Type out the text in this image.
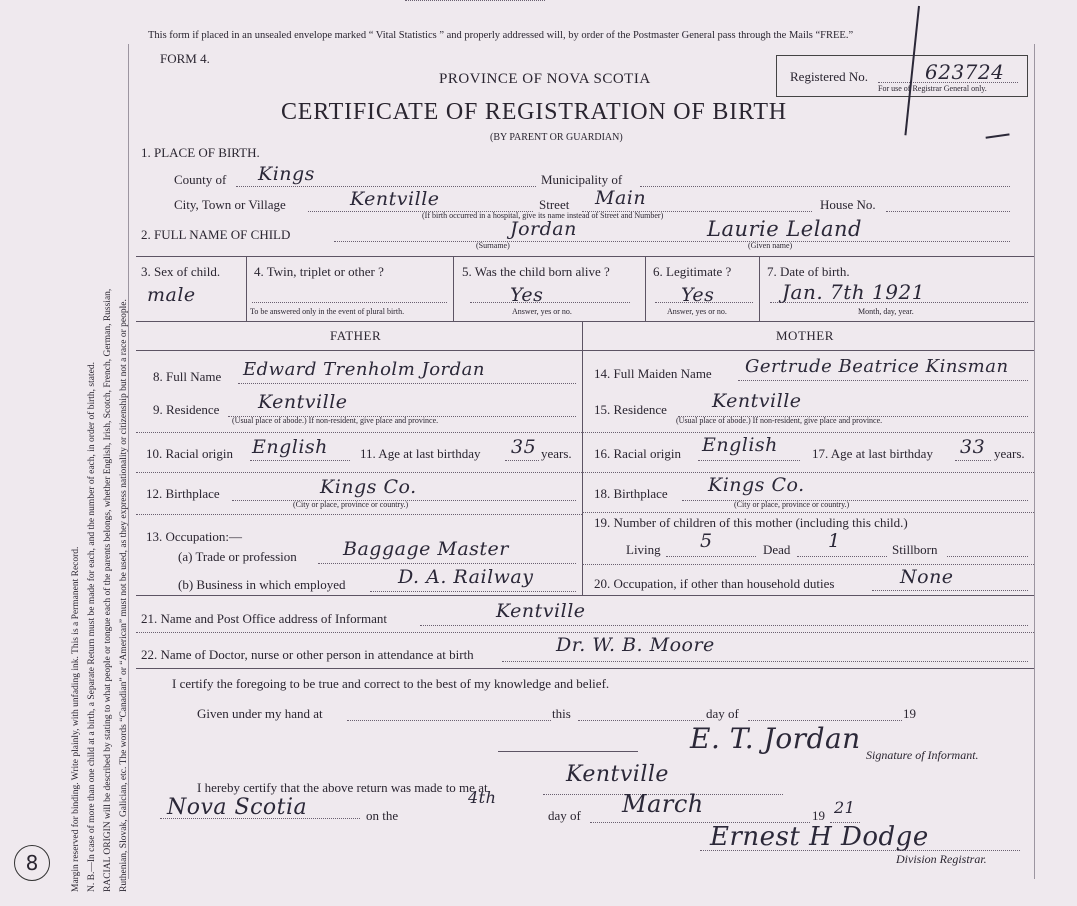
Margin reserved for binding. Write plainly, with unfading ink. This is a Permanent Record. N. B.—In case of more than one child at a birth, a Separate Return must be made for each, and the number of each, in order of birth, stated. RACIAL ORIGIN will be described by stating to what people or tongue each of the parents belongs, whether English, Irish, Scotch, French, German, Russian, Ruthenian, Slovak, Galician, etc. The words “Canadian” or “American” must not be used, as they express nationality or citizenship but not a race or people.
8
This form if placed in an unsealed envelope marked “ Vital Statistics ” and properly addressed will, by order of the Postmaster General pass through the Mails “FREE.”
FORM 4.
PROVINCE OF NOVA SCOTIA
CERTIFICATE OF REGISTRATION OF BIRTH
(BY PARENT OR GUARDIAN)
Registered No.	623724
For use of Registrar General only.
1. PLACE OF BIRTH.
County of Kings	Municipality of
City, Town or Village	Kentville	Street Main	House No.
(If birth occurred in a hospital, give its name instead of Street and Number)
2. FULL NAME OF CHILD	Jordan
(Surname)
Laurie Leland
(Given name)
3. Sex of child.
male
4. Twin, triplet or other ?
To be answered only in the event of plural birth.
5. Was the child born alive ?
Yes
Answer, yes or no.
6. Legitimate ?
Yes
Answer, yes or no.
7. Date of birth.
Jan. 7th 1921
Month, day, year.
FATHER	MOTHER
8. Full Name Edward Trenholm Jordan
9. Residence Kentville
(Usual place of abode.) If non-resident, give place and province.
10. Racial origin English 11. Age at last birthday 35 years.
12. Birthplace	Kings Co.
(City or place, province or country.)
13. Occupation:—
(a) Trade or profession Baggage Master
(b) Business in which employed	D. A. Railway
14. Full Maiden Name Gertrude Beatrice Kinsman
15. Residence Kentville
(Usual place of abode.) If non-resident, give place and province.
16. Racial origin English	17. Age at last birthday 33 years.
18. Birthplace Kings Co.
(City or place, province or country.)
19. Number of children of this mother (including this child.)
Living 5	Dead 1	Stillborn
20. Occupation, if other than household duties	None
21. Name and Post Office address of Informant	Kentville
22. Name of Doctor, nurse or other person in attendance at birth	Dr. W. B. Moore
I certify the foregoing to be true and correct to the best of my knowledge and belief.
Given under my hand at	this	day of	19
E. T. Jordan Signature of Informant.
I hereby certify that the above return was made to me at
Kentville
Nova Scotia	on the
4th
day of March	19 21
Ernest H Dodge
Division Registrar.
